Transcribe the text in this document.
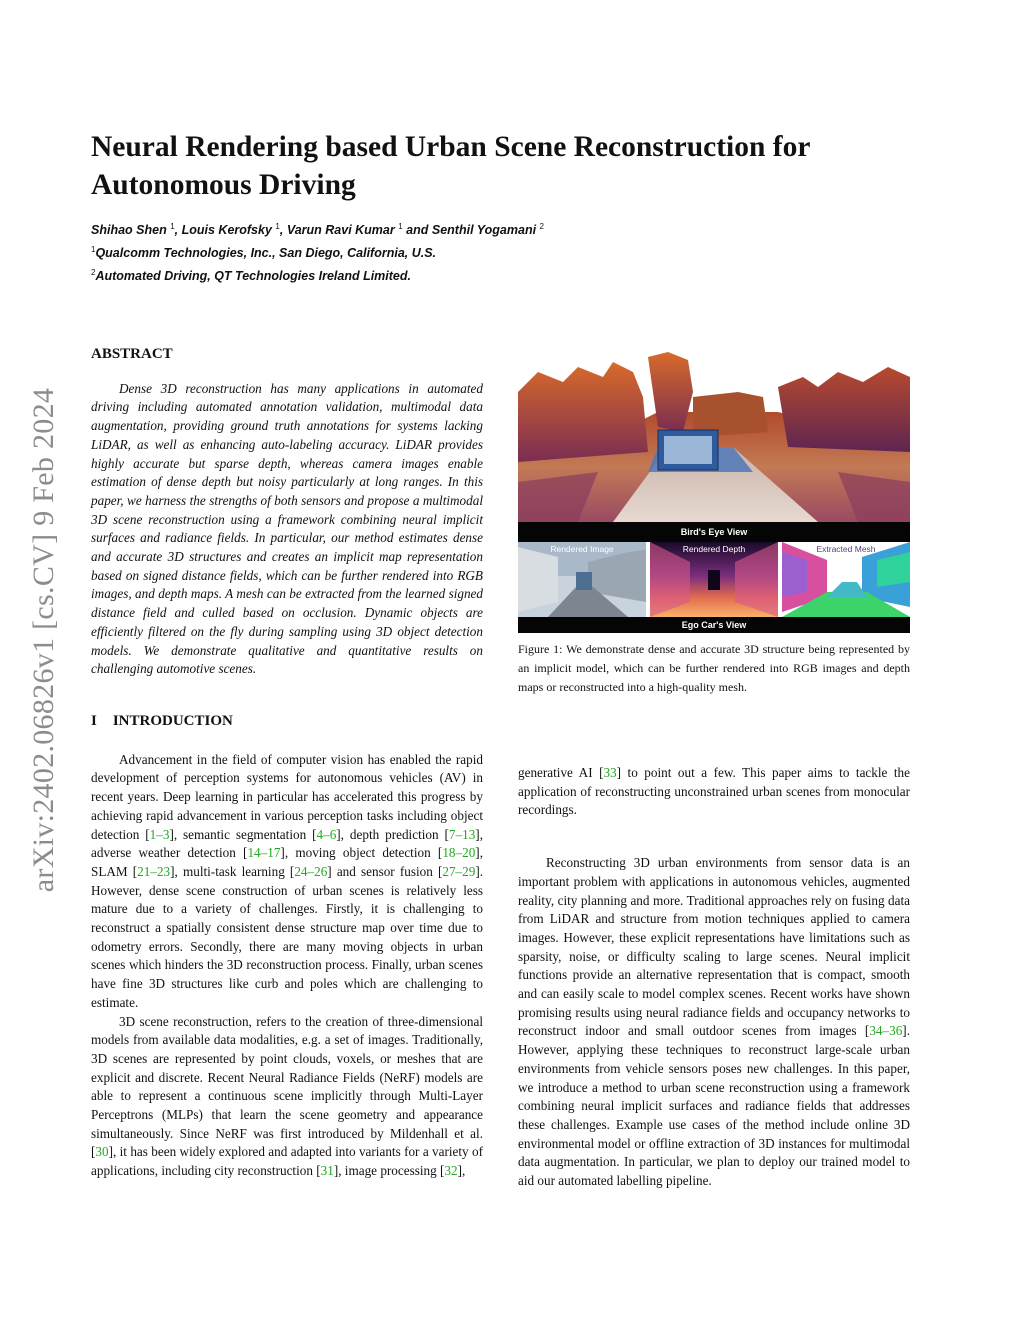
arXiv:2402.06826v1 [cs.CV] 9 Feb 2024
Neural Rendering based Urban Scene Reconstruction for Autonomous Driving
Shihao Shen $^1$, Louis Kerofsky $^1$, Varun Ravi Kumar $^1$ and Senthil Yogamani $^2$
$^1$Qualcomm Technologies, Inc., San Diego, California, U.S.
$^2$Automated Driving, QT Technologies Ireland Limited.
ABSTRACT

Dense 3D reconstruction has many applications in automated driving including automated annotation validation, multimodal data augmentation, providing ground truth annotations for systems lacking LiDAR, as well as enhancing auto-labeling accuracy. LiDAR provides highly accurate but sparse depth, whereas camera images enable estimation of dense depth but noisy particularly at long ranges. In this paper, we harness the strengths of both sensors and propose a multimodal 3D scene reconstruction using a framework combining neural implicit surfaces and radiance fields. In particular, our method estimates dense and accurate 3D structures and creates an implicit map representation based on signed distance fields, which can be further rendered into RGB images, and depth maps. A mesh can be extracted from the learned signed distance field and culled based on occlusion. Dynamic objects are efficiently filtered on the fly during sampling using 3D object detection models. We demonstrate qualitative and quantitative results on challenging automotive scenes.

I INTRODUCTION

Advancement in the field of computer vision has enabled the rapid development of perception systems for autonomous vehicles (AV) in recent years. Deep learning in particular has accelerated this progress by achieving rapid advancement in various perception tasks including object detection [1–3], semantic segmentation [4–6], depth prediction [7–13], adverse weather detection [14–17], moving object detection [18–20], SLAM [21–23], multi-task learning [24–26] and sensor fusion [27–29]. However, dense scene construction of urban scenes is relatively less mature due to a variety of challenges. Firstly, it is challenging to reconstruct a spatially consistent dense structure map over time due to odometry errors. Secondly, there are many moving objects in urban scenes which hinders the 3D reconstruction process. Finally, urban scenes have fine 3D structures like curb and poles which are challenging to estimate.

3D scene reconstruction, refers to the creation of three-dimensional models from available data modalities, e.g. a set of images. Traditionally, 3D scenes are represented by point clouds, voxels, or meshes that are explicit and discrete. Recent Neural Radiance Fields (NeRF) models are able to represent a continuous scene implicitly through Multi-Layer Perceptrons (MLPs) that learn the scene geometry and appearance simultaneously. Since NeRF was first introduced by Mildenhall et al. [30], it has been widely explored and adapted into variants for a variety of applications, including city reconstruction [31], image processing [32],

Bird's Eye View
Rendered Image	Rendered Depth	Extracted Mesh
Ego Car's View
Figure 1: We demonstrate dense and accurate 3D structure being represented by an implicit model, which can be further rendered into RGB images and depth maps or reconstructed into a high-quality mesh.

generative AI [33] to point out a few. This paper aims to tackle the application of reconstructing unconstrained urban scenes from monocular recordings.

Reconstructing 3D urban environments from sensor data is an important problem with applications in autonomous vehicles, augmented reality, city planning and more. Traditional approaches rely on fusing data from LiDAR and structure from motion techniques applied to camera images. However, these explicit representations have limitations such as sparsity, noise, or difficulty scaling to large scenes. Neural implicit functions provide an alternative representation that is compact, smooth and can easily scale to model complex scenes. Recent works have shown promising results using neural radiance fields and occupancy networks to reconstruct indoor and small outdoor scenes from images [34–36]. However, applying these techniques to reconstruct large-scale urban environments from vehicle sensors poses new challenges. In this paper, we introduce a method to urban scene reconstruction using a framework combining neural implicit surfaces and radiance fields that addresses these challenges. Example use cases of the method include online 3D environmental model or offline extraction of 3D instances for multimodal data augmentation. In particular, we plan to deploy our trained model to aid our automated labelling pipeline.
